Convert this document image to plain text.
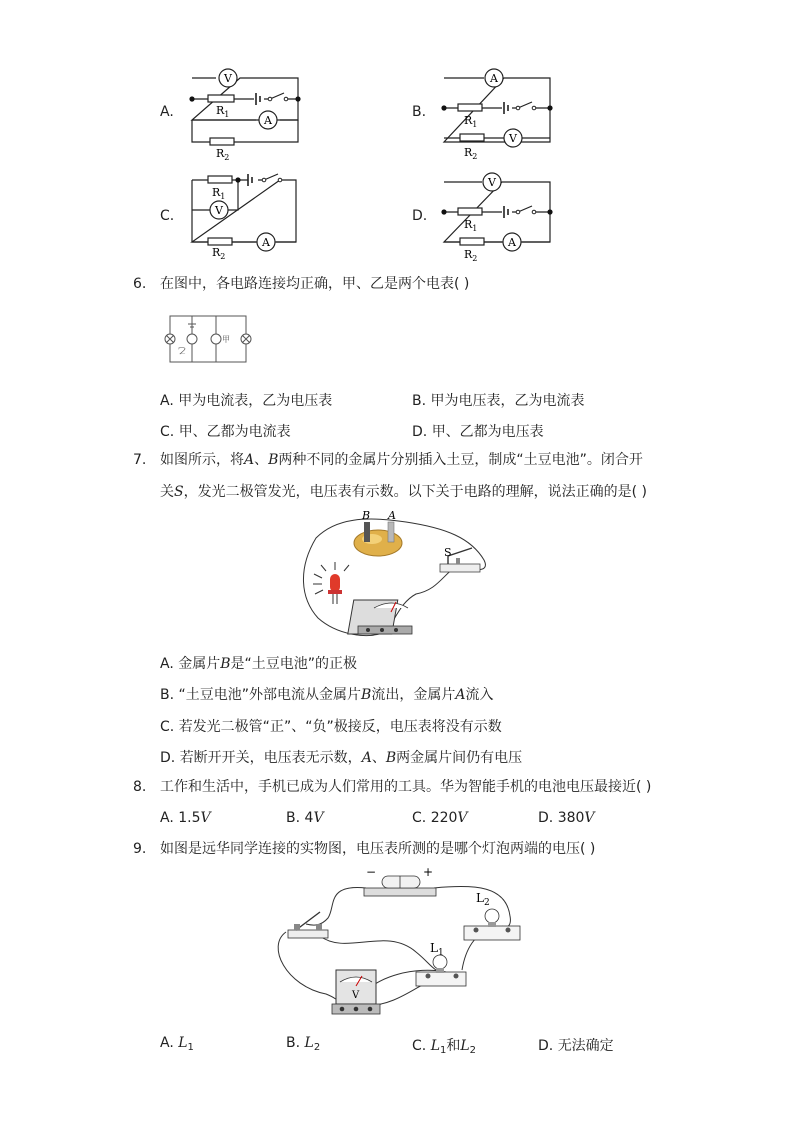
A.
V
A
$R_1$
$R_2$
B.
A
V
$R_1$
$R_2$
C.	V
A
$R_1$
$R_2$
D.
V
A
$R_1$
$R_2$
6. 在图中，各电路连接均正确，甲、乙是两个电表( )
乙
甲
A. 甲为电流表，乙为电压表	B. 甲为电压表，乙为电流表
C. 甲、乙都为电流表	D. 甲、乙都为电压表
7. 如图所示，将A、B两种不同的金属片分别插入土豆，制成“土豆电池”。闭合开
关S，发光二极管发光，电压表有示数。以下关于电路的理解，说法正确的是( )
B A
S
A. 金属片B是“土豆电池”的正极
B. “土豆电池”外部电流从金属片B流出，金属片A流入
C. 若发光二极管“正”、“负”极接反，电压表将没有示数
D. 若断开开关，电压表无示数，A、B两金属片间仍有电压
8. 工作和生活中，手机已成为人们常用的工具。华为智能手机的电池电压最接近( )
A. 1.5V	B. 4V	C. 220V	D. 380V
9. 如图是远华同学连接的实物图，电压表所测的是哪个灯泡两端的电压( )
−	+
$L_2$
$L_1$
V
A. $L_1$	B. $L_2$	C. $L_1$和$L_2$	D. 无法确定
